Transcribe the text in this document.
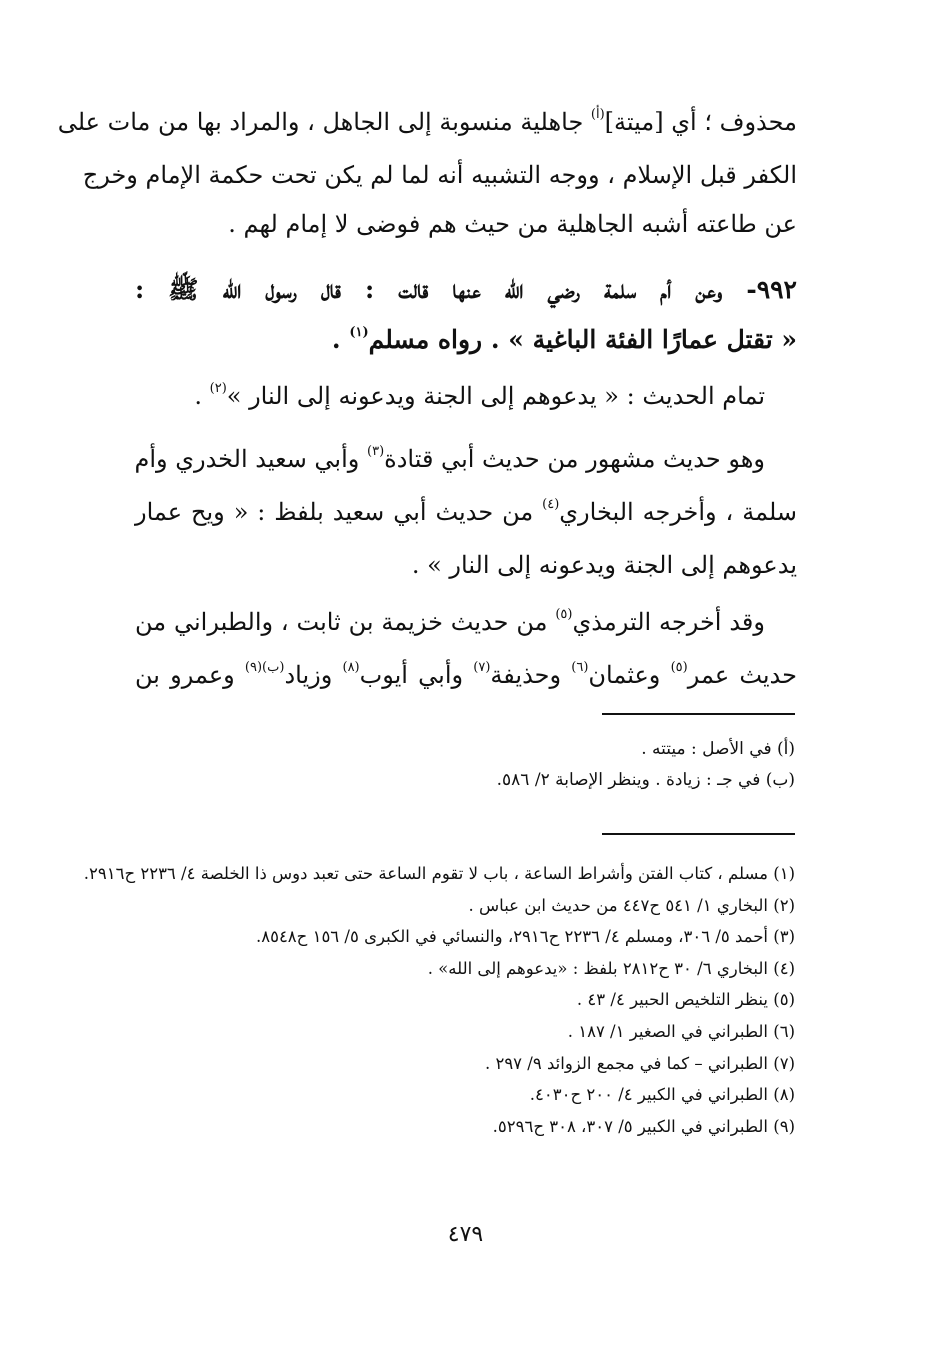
محذوف ؛ أي [ميتة]$^{(أ)}$ جاهلية منسوبة إلى الجاهل ، والمراد بها من مات على
الكفر قبل الإسلام ، ووجه التشبيه أنه لما لم يكن تحت حكمة الإمام وخرج
عن طاعته أشبه الجاهلية من حيث هم فوضى لا إمام لهم .
٩٩٢- وعن أم سلمة رضي الله عنها قالت : قال رسول الله ﷺ :
« تقتل عمارًا الفئة الباغية » . رواه مسلم$^{(١)}$ .
تمام الحديث : « يدعوهم إلى الجنة ويدعونه إلى النار »$^{(٢)}$ .
وهو حديث مشهور من حديث أبي قتادة$^{(٣)}$ وأبي سعيد الخدري وأم
سلمة ، وأخرجه البخاري$^{(٤)}$ من حديث أبي سعيد بلفظ : « ويح عمار
يدعوهم إلى الجنة ويدعونه إلى النار » .
وقد أخرجه الترمذي$^{(٥)}$ من حديث خزيمة بن ثابت ، والطبراني من
حديث عمر$^{(٥)}$ وعثمان$^{(٦)}$ وحذيفة$^{(٧)}$ وأبي أيوب$^{(٨)}$ وزياد$^{(ب)(٩)}$ وعمرو بن
(أ) في الأصل : ميتته .
(ب) في جـ : زيادة . وينظر الإصابة ٢/ ٥٨٦.
(١) مسلم ، كتاب الفتن وأشراط الساعة ، باب لا تقوم الساعة حتى تعبد دوس ذا الخلصة ٤/ ٢٢٣٦ ح٢٩١٦.
(٢) البخاري ١/ ٥٤١ ح٤٤٧ من حديث ابن عباس .
(٣) أحمد ٥/ ٣٠٦، ومسلم ٤/ ٢٢٣٦ ح٢٩١٦، والنسائي في الكبرى ٥/ ١٥٦ ح٨٥٤٨.
(٤) البخاري ٦/ ٣٠ ح٢٨١٢ بلفظ : «يدعوهم إلى الله» .
(٥) ينظر التلخيص الحبير ٤/ ٤٣ .
(٦) الطبراني في الصغير ١/ ١٨٧ .
(٧) الطبراني – كما في مجمع الزوائد ٩/ ٢٩٧ .
(٨) الطبراني في الكبير ٤/ ٢٠٠ ح٤٠٣٠.
(٩) الطبراني في الكبير ٥/ ٣٠٧، ٣٠٨ ح٥٢٩٦.
٤٧٩
